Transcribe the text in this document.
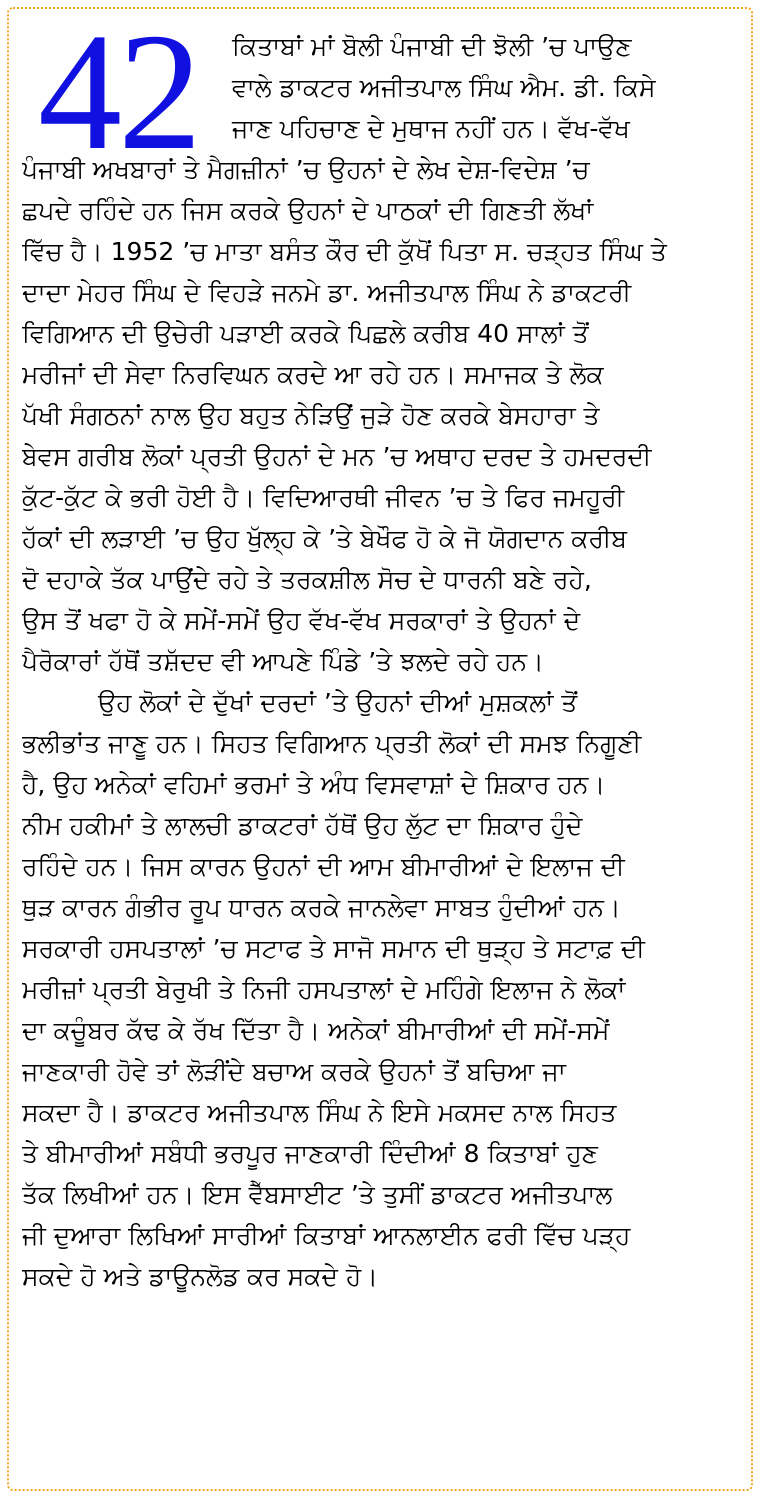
42	ਕਿਤਾਬਾਂ ਮਾਂ ਬੋਲੀ ਪੰਜਾਬੀ ਦੀ ਝੋਲੀ ’ਚ ਪਾਉਣ
ਵਾਲੇ ਡਾਕਟਰ ਅਜੀਤਪਾਲ ਸਿੰਘ ਐਮ. ਡੀ. ਕਿਸੇ
ਜਾਣ ਪਹਿਚਾਣ ਦੇ ਮੁਥਾਜ ਨਹੀਂ ਹਨ। ਵੱਖ-ਵੱਖ
ਪੰਜਾਬੀ ਅਖਬਾਰਾਂ ਤੇ ਮੈਗਜ਼ੀਨਾਂ ’ਚ ਉਹਨਾਂ ਦੇ ਲੇਖ ਦੇਸ਼-ਵਿਦੇਸ਼ ’ਚ
ਛਪਦੇ ਰਹਿੰਦੇ ਹਨ ਜਿਸ ਕਰਕੇ ਉਹਨਾਂ ਦੇ ਪਾਠਕਾਂ ਦੀ ਗਿਣਤੀ ਲੱਖਾਂ
ਵਿੱਚ ਹੈ। 1952 ’ਚ ਮਾਤਾ ਬਸੰਤ ਕੌਰ ਦੀ ਕੁੱਖੋਂ ਪਿਤਾ ਸ. ਚੜ੍ਹਤ ਸਿੰਘ ਤੇ
ਦਾਦਾ ਮੇਹਰ ਸਿੰਘ ਦੇ ਵਿਹੜੇ ਜਨਮੇ ਡਾ. ਅਜੀਤਪਾਲ ਸਿੰਘ ਨੇ ਡਾਕਟਰੀ
ਵਿਗਿਆਨ ਦੀ ਉਚੇਰੀ ਪੜਾਈ ਕਰਕੇ ਪਿਛਲੇ ਕਰੀਬ 40 ਸਾਲਾਂ ਤੋਂ
ਮਰੀਜਾਂ ਦੀ ਸੇਵਾ ਨਿਰਵਿਘਨ ਕਰਦੇ ਆ ਰਹੇ ਹਨ। ਸਮਾਜਕ ਤੇ ਲੋਕ
ਪੱਖੀ ਸੰਗਠਨਾਂ ਨਾਲ ਉਹ ਬਹੁਤ ਨੇੜਿਉਂ ਜੁੜੇ ਹੋਣ ਕਰਕੇ ਬੇਸਹਾਰਾ ਤੇ
ਬੇਵਸ ਗਰੀਬ ਲੋਕਾਂ ਪ੍ਰਤੀ ਉਹਨਾਂ ਦੇ ਮਨ ’ਚ ਅਥਾਹ ਦਰਦ ਤੇ ਹਮਦਰਦੀ
ਕੁੱਟ-ਕੁੱਟ ਕੇ ਭਰੀ ਹੋਈ ਹੈ। ਵਿਦਿਆਰਥੀ ਜੀਵਨ ’ਚ ਤੇ ਫਿਰ ਜਮਹੂਰੀ
ਹੱਕਾਂ ਦੀ ਲੜਾਈ ’ਚ ਉਹ ਖੁੱਲ੍ਹ ਕੇ ’ਤੇ ਬੇਖੌਫ ਹੋ ਕੇ ਜੋ ਯੋਗਦਾਨ ਕਰੀਬ
ਦੋ ਦਹਾਕੇ ਤੱਕ ਪਾਉਂਦੇ ਰਹੇ ਤੇ ਤਰਕਸ਼ੀਲ ਸੋਚ ਦੇ ਧਾਰਨੀ ਬਣੇ ਰਹੇ,
ਉਸ ਤੋਂ ਖਫਾ ਹੋ ਕੇ ਸਮੇਂ-ਸਮੇਂ ਉਹ ਵੱਖ-ਵੱਖ ਸਰਕਾਰਾਂ ਤੇ ਉਹਨਾਂ ਦੇ
ਪੈਰੋਕਾਰਾਂ ਹੱਥੋਂ ਤਸ਼ੱਦਦ ਵੀ ਆਪਣੇ ਪਿੰਡੇ ’ਤੇ ਝਲਦੇ ਰਹੇ ਹਨ।
ਉਹ ਲੋਕਾਂ ਦੇ ਦੁੱਖਾਂ ਦਰਦਾਂ ’ਤੇ ਉਹਨਾਂ ਦੀਆਂ ਮੁਸ਼ਕਲਾਂ ਤੋਂ
ਭਲੀਭਾਂਤ ਜਾਣੂ ਹਨ। ਸਿਹਤ ਵਿਗਿਆਨ ਪ੍ਰਤੀ ਲੋਕਾਂ ਦੀ ਸਮਝ ਨਿਗੂਣੀ
ਹੈ, ਉਹ ਅਨੇਕਾਂ ਵਹਿਮਾਂ ਭਰਮਾਂ ਤੇ ਅੰਧ ਵਿਸਵਾਸ਼ਾਂ ਦੇ ਸ਼ਿਕਾਰ ਹਨ।
ਨੀਮ ਹਕੀਮਾਂ ਤੇ ਲਾਲਚੀ ਡਾਕਟਰਾਂ ਹੱਥੋਂ ਉਹ ਲੁੱਟ ਦਾ ਸ਼ਿਕਾਰ ਹੁੰਦੇ
ਰਹਿੰਦੇ ਹਨ। ਜਿਸ ਕਾਰਨ ਉਹਨਾਂ ਦੀ ਆਮ ਬੀਮਾਰੀਆਂ ਦੇ ਇਲਾਜ ਦੀ
ਥੁੜ ਕਾਰਨ ਗੰਭੀਰ ਰੂਪ ਧਾਰਨ ਕਰਕੇ ਜਾਨਲੇਵਾ ਸਾਬਤ ਹੁੰਦੀਆਂ ਹਨ।
ਸਰਕਾਰੀ ਹਸਪਤਾਲਾਂ ’ਚ ਸਟਾਫ ਤੇ ਸਾਜੋ ਸਮਾਨ ਦੀ ਥੁੜ੍ਹ ਤੇ ਸਟਾਫ਼ ਦੀ
ਮਰੀਜ਼ਾਂ ਪ੍ਰਤੀ ਬੇਰੁਖੀ ਤੇ ਨਿਜੀ ਹਸਪਤਾਲਾਂ ਦੇ ਮਹਿੰਗੇ ਇਲਾਜ ਨੇ ਲੋਕਾਂ
ਦਾ ਕਚੂੰਬਰ ਕੱਢ ਕੇ ਰੱਖ ਦਿੱਤਾ ਹੈ। ਅਨੇਕਾਂ ਬੀਮਾਰੀਆਂ ਦੀ ਸਮੇਂ-ਸਮੇਂ
ਜਾਣਕਾਰੀ ਹੋਵੇ ਤਾਂ ਲੋੜੀਂਦੇ ਬਚਾਅ ਕਰਕੇ ਉਹਨਾਂ ਤੋਂ ਬਚਿਆ ਜਾ
ਸਕਦਾ ਹੈ। ਡਾਕਟਰ ਅਜੀਤਪਾਲ ਸਿੰਘ ਨੇ ਇਸੇ ਮਕਸਦ ਨਾਲ ਸਿਹਤ
ਤੇ ਬੀਮਾਰੀਆਂ ਸਬੰਧੀ ਭਰਪੂਰ ਜਾਣਕਾਰੀ ਦਿੰਦੀਆਂ 8 ਕਿਤਾਬਾਂ ਹੁਣ
ਤੱਕ ਲਿਖੀਆਂ ਹਨ। ਇਸ ਵੈੱਬਸਾਈਟ ’ਤੇ ਤੁਸੀਂ ਡਾਕਟਰ ਅਜੀਤਪਾਲ
ਜੀ ਦੁਆਰਾ ਲਿਖਿਆਂ ਸਾਰੀਆਂ ਕਿਤਾਬਾਂ ਆਨਲਾਈਨ ਫਰੀ ਵਿੱਚ ਪੜ੍ਹ
ਸਕਦੇ ਹੋ ਅਤੇ ਡਾਊਨਲੋਡ ਕਰ ਸਕਦੇ ਹੋ।
